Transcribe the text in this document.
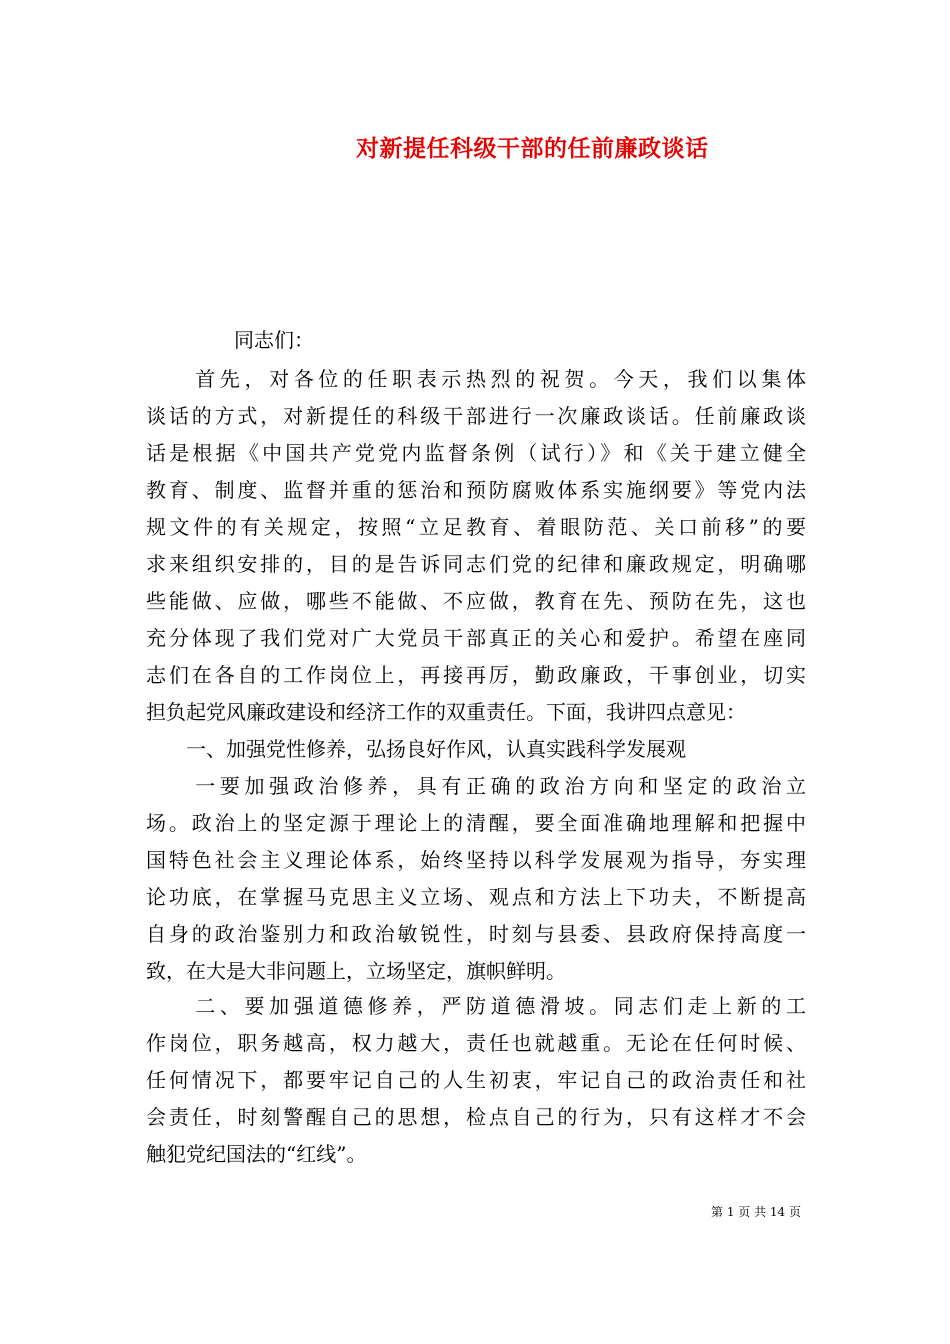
对新提任科级干部的任前廉政谈话
同志们：
　　首先，对各位的任职表示热烈的祝贺。今天，我们以集体
谈话的方式，对新提任的科级干部进行一次廉政谈话。任前廉政谈
话是根据《中国共产党党内监督条例（试行）》和《关于建立健全
教育、制度、监督并重的惩治和预防腐败体系实施纲要》等党内法
规文件的有关规定，按照“立足教育、着眼防范、关口前移”的要
求来组织安排的，目的是告诉同志们党的纪律和廉政规定，明确哪
些能做、应做，哪些不能做、不应做，教育在先、预防在先，这也
充分体现了我们党对广大党员干部真正的关心和爱护。希望在座同
志们在各自的工作岗位上，再接再厉，勤政廉政，干事创业，切实
担负起党风廉政建设和经济工作的双重责任。下面，我讲四点意见：
　　一、加强党性修养，弘扬良好作风，认真实践科学发展观
　　一要加强政治修养，具有正确的政治方向和坚定的政治立
场。政治上的坚定源于理论上的清醒，要全面准确地理解和把握中
国特色社会主义理论体系，始终坚持以科学发展观为指导，夯实理
论功底，在掌握马克思主义立场、观点和方法上下功夫，不断提高
自身的政治鉴别力和政治敏锐性，时刻与县委、县政府保持高度一
致，在大是大非问题上，立场坚定，旗帜鲜明。
　　二、要加强道德修养，严防道德滑坡。同志们走上新的工
作岗位，职务越高，权力越大，责任也就越重。无论在任何时候、
任何情况下，都要牢记自己的人生初衷，牢记自己的政治责任和社
会责任，时刻警醒自己的思想，检点自己的行为，只有这样才不会
触犯党纪国法的“红线”。
第 1 页 共 14 页
